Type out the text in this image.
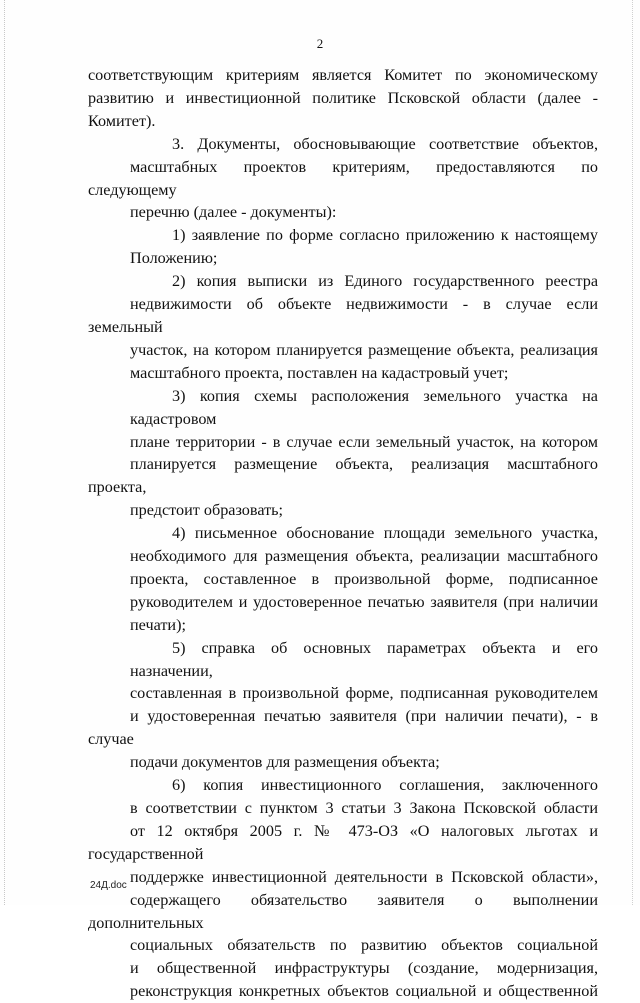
2

соответствующим критериям является Комитет по экономическому
развитию и инвестиционной политике Псковской области (далее -
Комитет).

3. Документы, обосновывающие соответствие объектов,
масштабных проектов критериям, предоставляются по следующему
перечню (далее - документы):

1) заявление по форме согласно приложению к настоящему
Положению;

2) копия выписки из Единого государственного реестра
недвижимости об объекте недвижимости - в случае если земельный
участок, на котором планируется размещение объекта, реализация
масштабного проекта, поставлен на кадастровый учет;

3) копия схемы расположения земельного участка на кадастровом
плане территории - в случае если земельный участок, на котором
планируется размещение объекта, реализация масштабного проекта,
предстоит образовать;

4) письменное обоснование площади земельного участка,
необходимого для размещения объекта, реализации масштабного
проекта, составленное в произвольной форме, подписанное
руководителем и удостоверенное печатью заявителя (при наличии
печати);

5) справка об основных параметрах объекта и его назначении,
составленная в произвольной форме, подписанная руководителем
и удостоверенная печатью заявителя (при наличии печати), - в случае
подачи документов для размещения объекта;

6) копия инвестиционного соглашения, заключенного
в соответствии с пунктом 3 статьи 3 Закона Псковской области
от 12 октября 2005 г. № 473-ОЗ «О налоговых льготах и государственной
поддержке инвестиционной деятельности в Псковской области»,
содержащего обязательство заявителя о выполнении дополнительных
социальных обязательств по развитию объектов социальной
и общественной инфраструктуры (создание, модернизация,
реконструкция конкретных объектов социальной и общественной

24Д.doc
